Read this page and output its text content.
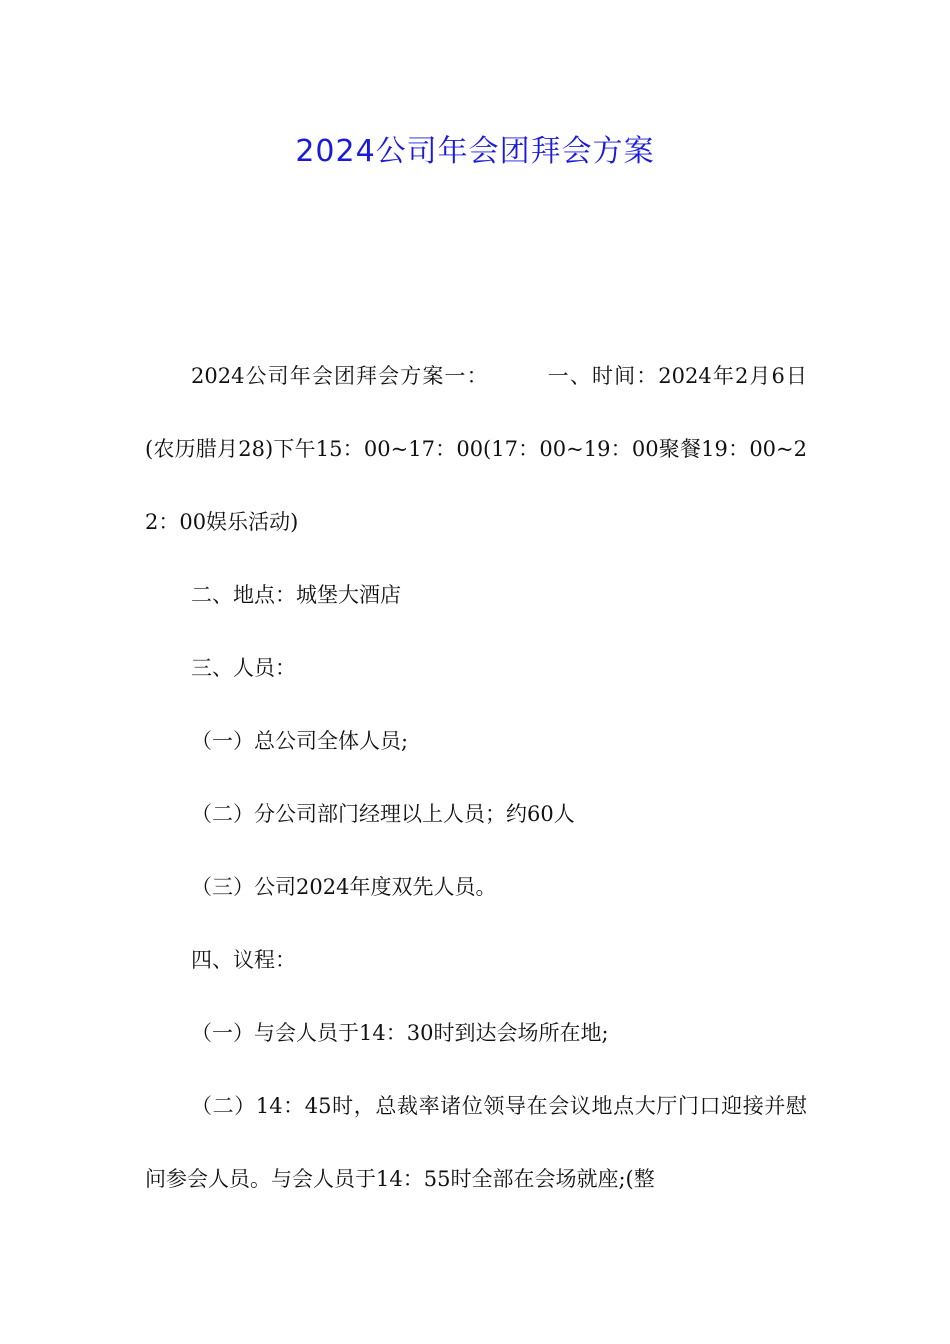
2024公司年会团拜会方案

2024公司年会团拜会方案一：	一、时间：2024年2月6日(农历腊月28)下午15：00~17：00(17：00~19：00聚餐19：00~22：00娱乐活动)

二、地点：城堡大酒店

三、人员：

（一）总公司全体人员;

（二）分公司部门经理以上人员；约60人

（三）公司2024年度双先人员。

四、议程：

（一）与会人员于14：30时到达会场所在地;

（二）14：45时，总裁率诸位领导在会议地点大厅门口迎接并慰问参会人员。与会人员于14：55时全部在会场就座;(整
